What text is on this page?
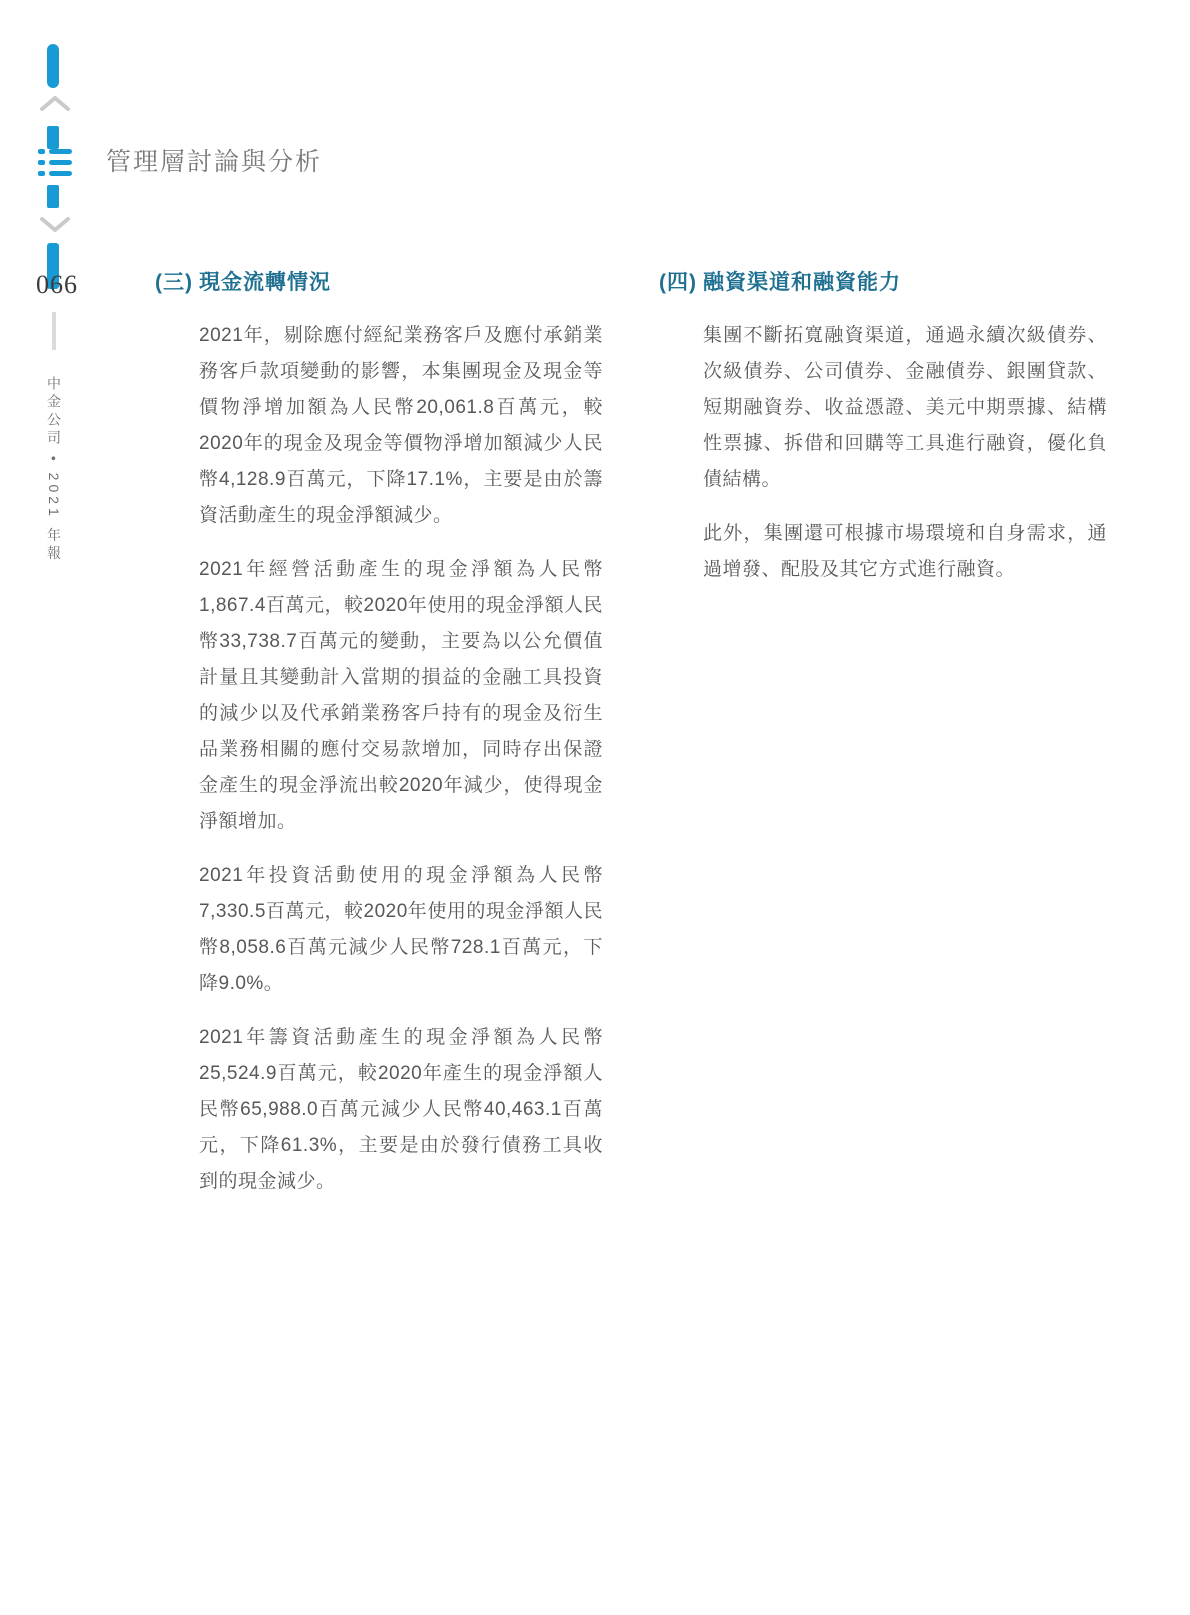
066
中金公司 • 2021 年報
管理層討論與分析
(三) 現金流轉情況

2021年，剔除應付經紀業務客戶及應付承銷業務客戶款項變動的影響，本集團現金及現金等價物淨增加額為人民幣20,061.8百萬元，較2020年的現金及現金等價物淨增加額減少人民幣4,128.9百萬元，下降17.1%，主要是由於籌資活動產生的現金淨額減少。

2021年經營活動產生的現金淨額為人民幣1,867.4百萬元，較2020年使用的現金淨額人民幣33,738.7百萬元的變動，主要為以公允價值計量且其變動計入當期的損益的金融工具投資的減少以及代承銷業務客戶持有的現金及衍生品業務相關的應付交易款增加，同時存出保證金產生的現金淨流出較2020年減少，使得現金淨額增加。

2021年投資活動使用的現金淨額為人民幣7,330.5百萬元，較2020年使用的現金淨額人民幣8,058.6百萬元減少人民幣728.1百萬元，下降9.0%。

2021年籌資活動產生的現金淨額為人民幣25,524.9百萬元，較2020年產生的現金淨額人民幣65,988.0百萬元減少人民幣40,463.1百萬元，下降61.3%，主要是由於發行債務工具收到的現金減少。

(四) 融資渠道和融資能力

集團不斷拓寬融資渠道，通過永續次級債券、次級債券、公司債券、金融債券、銀團貸款、短期融資券、收益憑證、美元中期票據、結構性票據、拆借和回購等工具進行融資，優化負債結構。

此外，集團還可根據市場環境和自身需求，通過增發、配股及其它方式進行融資。
